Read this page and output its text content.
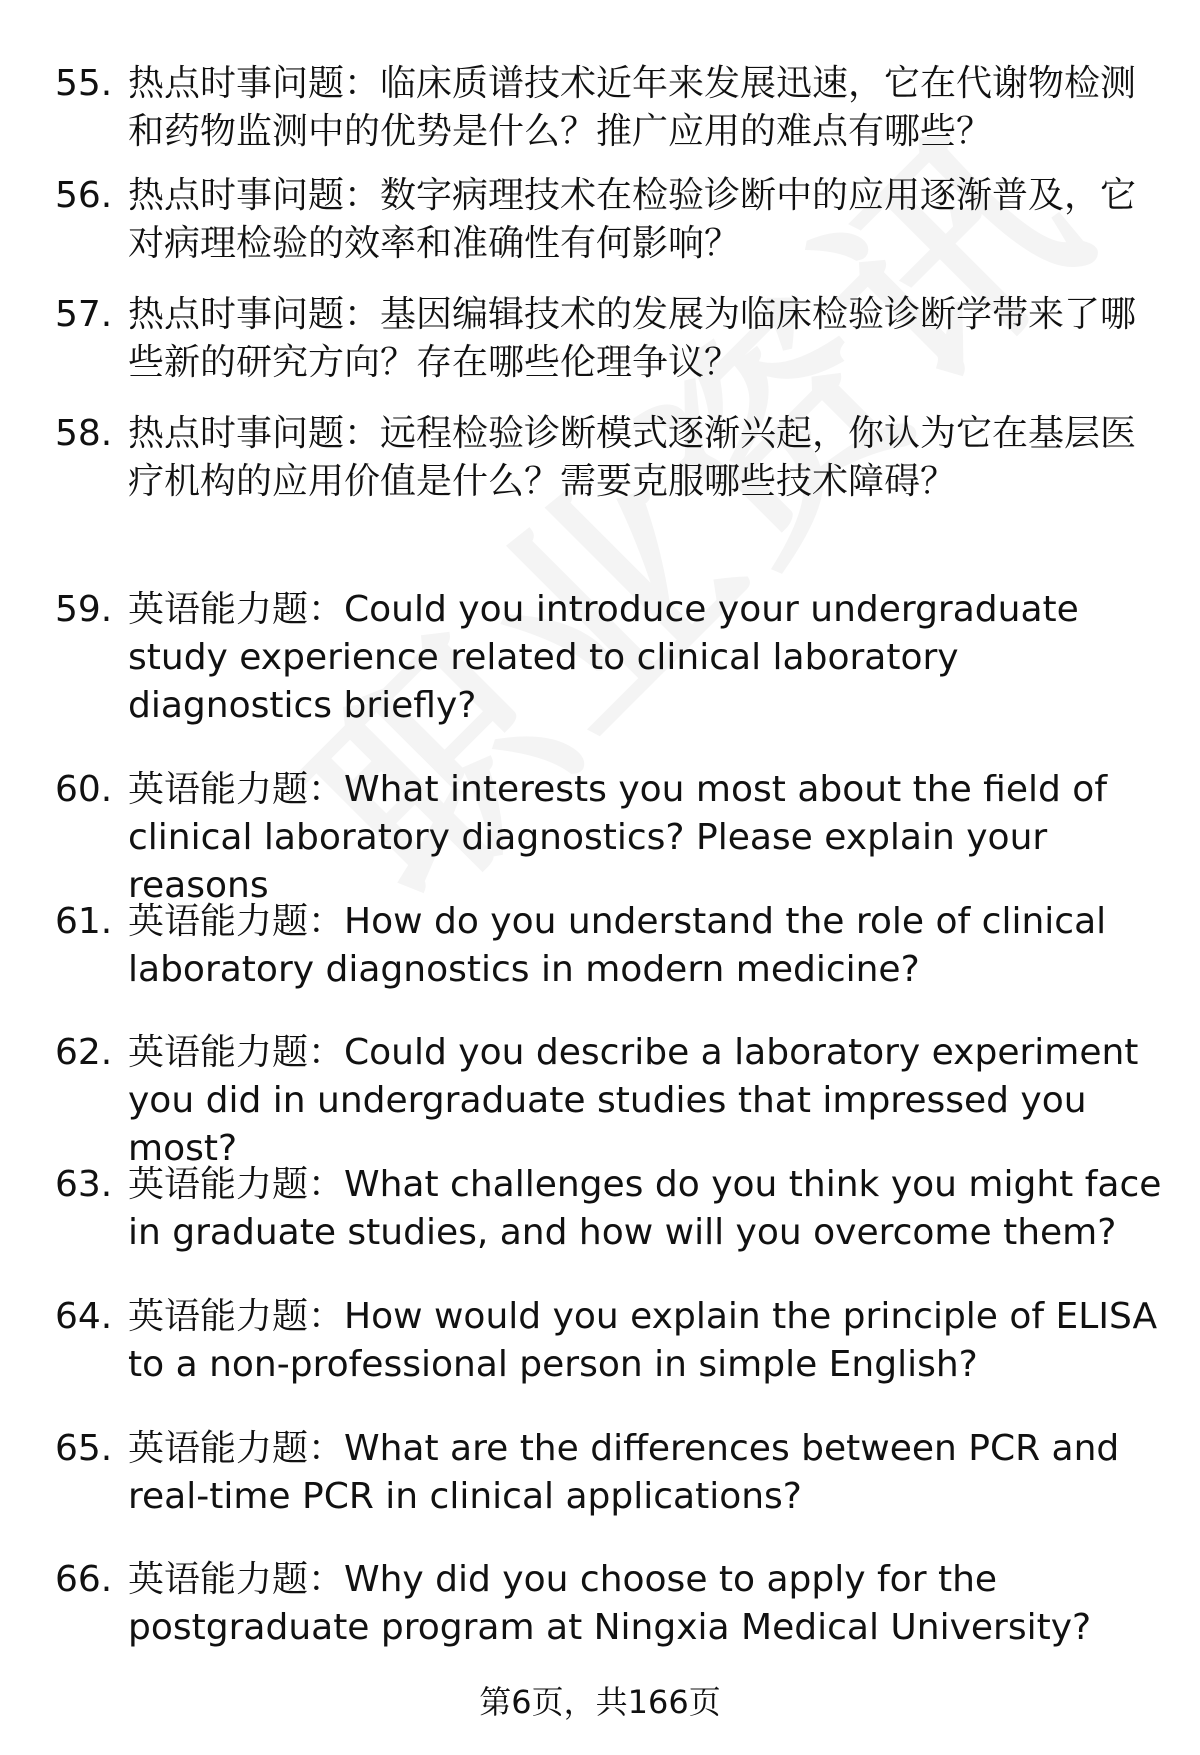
55. 热点时事问题：临床质谱技术近年来发展迅速，它在代谢物检测和药物监测中的优势是什么？推广应用的难点有哪些？
56. 热点时事问题：数字病理技术在检验诊断中的应用逐渐普及，它对病理检验的效率和准确性有何影响？
57. 热点时事问题：基因编辑技术的发展为临床检验诊断学带来了哪些新的研究方向？存在哪些伦理争议？
58. 热点时事问题：远程检验诊断模式逐渐兴起，你认为它在基层医疗机构的应用价值是什么？需要克服哪些技术障碍？
59. 英语能力题：Could you introduce your undergraduate study experience related to clinical laboratory diagnostics briefly?
60. 英语能力题：What interests you most about the field of clinical laboratory diagnostics? Please explain your reasons
61. 英语能力题：How do you understand the role of clinical laboratory diagnostics in modern medicine?
62. 英语能力题：Could you describe a laboratory experiment you did in undergraduate studies that impressed you most?
63. 英语能力题：What challenges do you think you might face in graduate studies, and how will you overcome them?
64. 英语能力题：How would you explain the principle of ELISA to a non-professional person in simple English?
65. 英语能力题：What are the differences between PCR and real-time PCR in clinical applications?
66. 英语能力题：Why did you choose to apply for the postgraduate program at Ningxia Medical University?
第6页，共166页
